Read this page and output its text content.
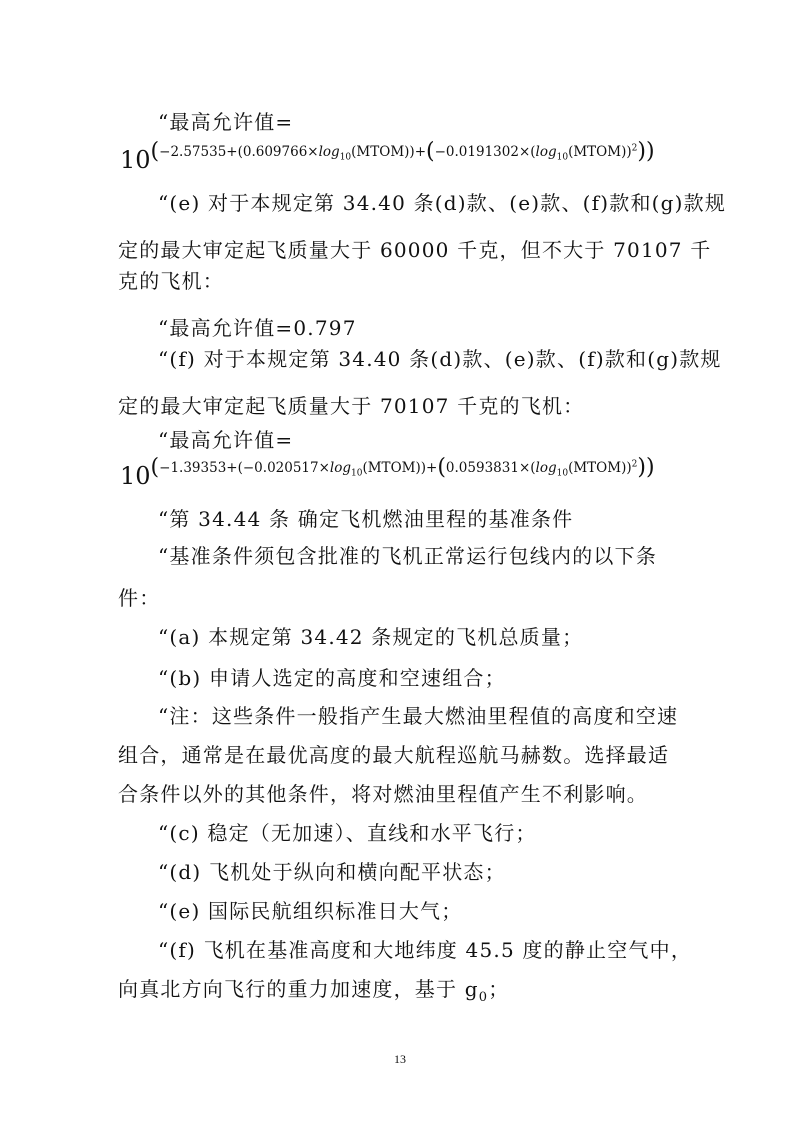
“最高允许值=
$10^{(-2.57535+(0.609766\times log_{10}(MTOM))+(-0.0191302\times(log_{10}(MTOM))^2))}$
“(e) 对于本规定第 34.40 条(d)款、(e)款、(f)款和(g)款规
定的最大审定起飞质量大于 60000 千克，但不大于 70107 千
克的飞机：
“最高允许值=0.797
“(f) 对于本规定第 34.40 条(d)款、(e)款、(f)款和(g)款规
定的最大审定起飞质量大于 70107 千克的飞机：
“最高允许值=
$10^{(-1.39353+(-0.020517\times log_{10}(MTOM))+(0.0593831\times(log_{10}(MTOM))^2))}$
“第 34.44 条 确定飞机燃油里程的基准条件
“基准条件须包含批准的飞机正常运行包线内的以下条
件：
“(a) 本规定第 34.42 条规定的飞机总质量；
“(b) 申请人选定的高度和空速组合；
“注：这些条件一般指产生最大燃油里程值的高度和空速
组合，通常是在最优高度的最大航程巡航马赫数。选择最适
合条件以外的其他条件，将对燃油里程值产生不利影响。
“(c) 稳定（无加速）、直线和水平飞行；
“(d) 飞机处于纵向和横向配平状态；
“(e) 国际民航组织标准日大气；
“(f) 飞机在基准高度和大地纬度 45.5 度的静止空气中，
向真北方向飞行的重力加速度，基于 $g_0$；
13
